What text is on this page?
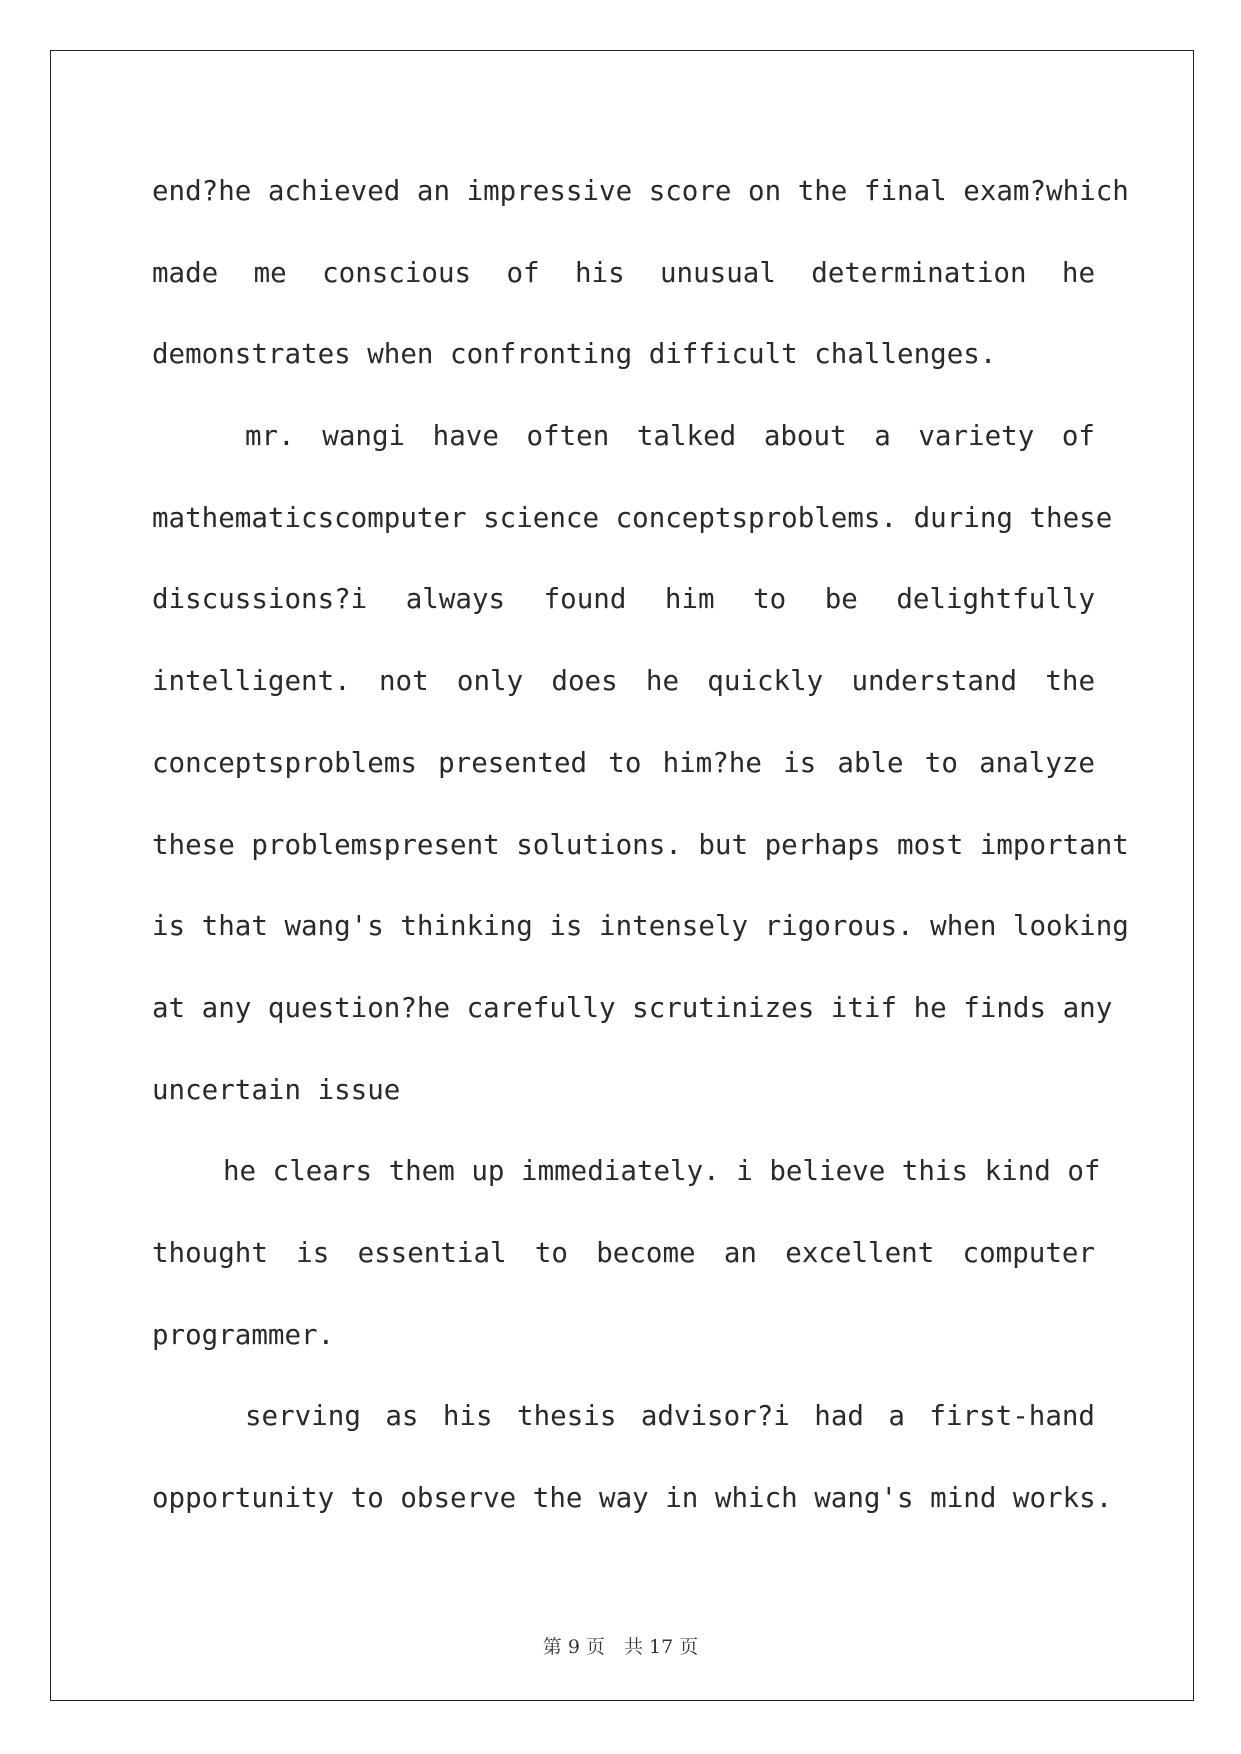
end?he achieved an impressive score on the final exam?which
made me conscious of his unusual determination he
demonstrates when confronting difficult challenges.
mr. wangi have often talked about a variety of
mathematicscomputer science conceptsproblems. during these
discussions?i always found him to be delightfully
intelligent. not only does he quickly understand the
conceptsproblems presented to him?he is able to analyze
these problemspresent solutions. but perhaps most important
is that wang's thinking is intensely rigorous. when looking
at any question?he carefully scrutinizes itif he finds any
uncertain issue
he clears them up immediately. i believe this kind of
thought is essential to become an excellent computer
programmer.
serving as his thesis advisor?i had a first-hand
opportunity to observe the way in which wang's mind works.
第 9 页　共 17 页
